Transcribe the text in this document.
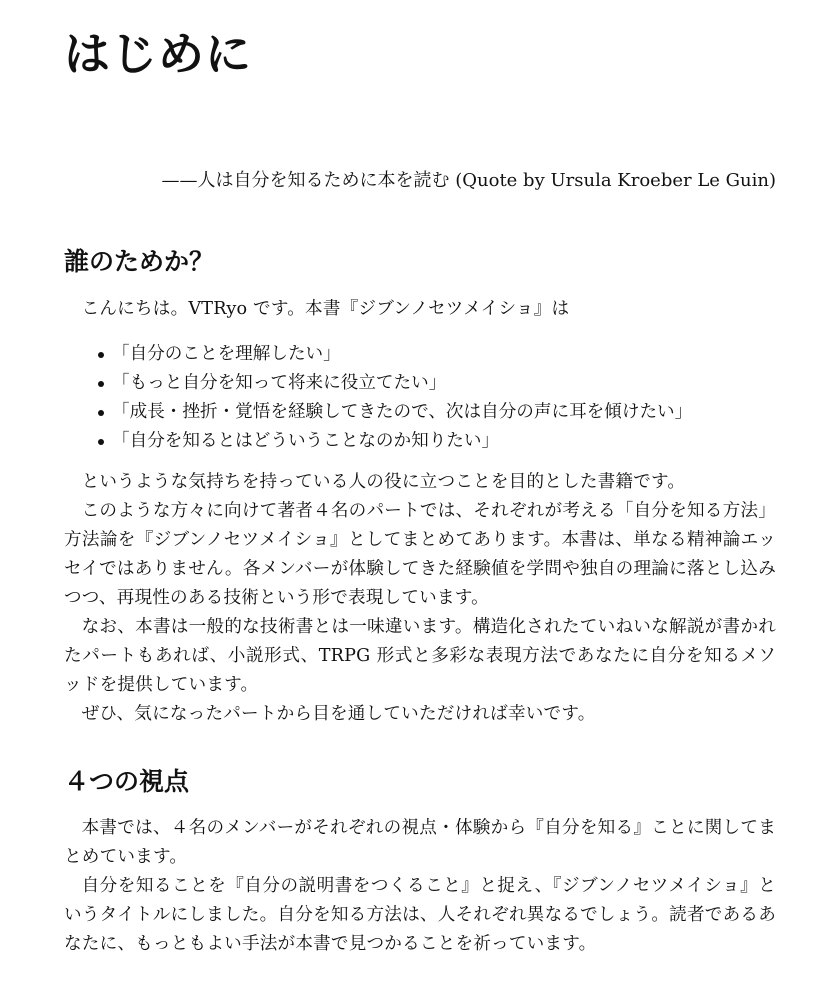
はじめに

——人は自分を知るために本を読む (Quote by Ursula Kroeber Le Guin)

誰のためか？

こんにちは。VTRyo です。本書『ジブンノセツメイショ』は

「自分のことを理解したい」
「もっと自分を知って将来に役立てたい」
「成長・挫折・覚悟を経験してきたので、次は自分の声に耳を傾けたい」
「自分を知るとはどういうことなのか知りたい」

というような気持ちを持っている人の役に立つことを目的とした書籍です。

このような方々に向けて著者４名のパートでは、それぞれが考える「自分を知る方法」方法論を『ジブンノセツメイショ』としてまとめてあります。本書は、単なる精神論エッセイではありません。各メンバーが体験してきた経験値を学問や独自の理論に落とし込みつつ、再現性のある技術という形で表現しています。

なお、本書は一般的な技術書とは一味違います。構造化されたていねいな解説が書かれたパートもあれば、小説形式、TRPG 形式と多彩な表現方法であなたに自分を知るメソッドを提供しています。

ぜひ、気になったパートから目を通していただければ幸いです。

４つの視点

本書では、４名のメンバーがそれぞれの視点・体験から『自分を知る』ことに関してまとめています。

自分を知ることを『自分の説明書をつくること』と捉え、『ジブンノセツメイショ』というタイトルにしました。自分を知る方法は、人それぞれ異なるでしょう。読者であるあなたに、もっともよい手法が本書で見つかることを祈っています。
